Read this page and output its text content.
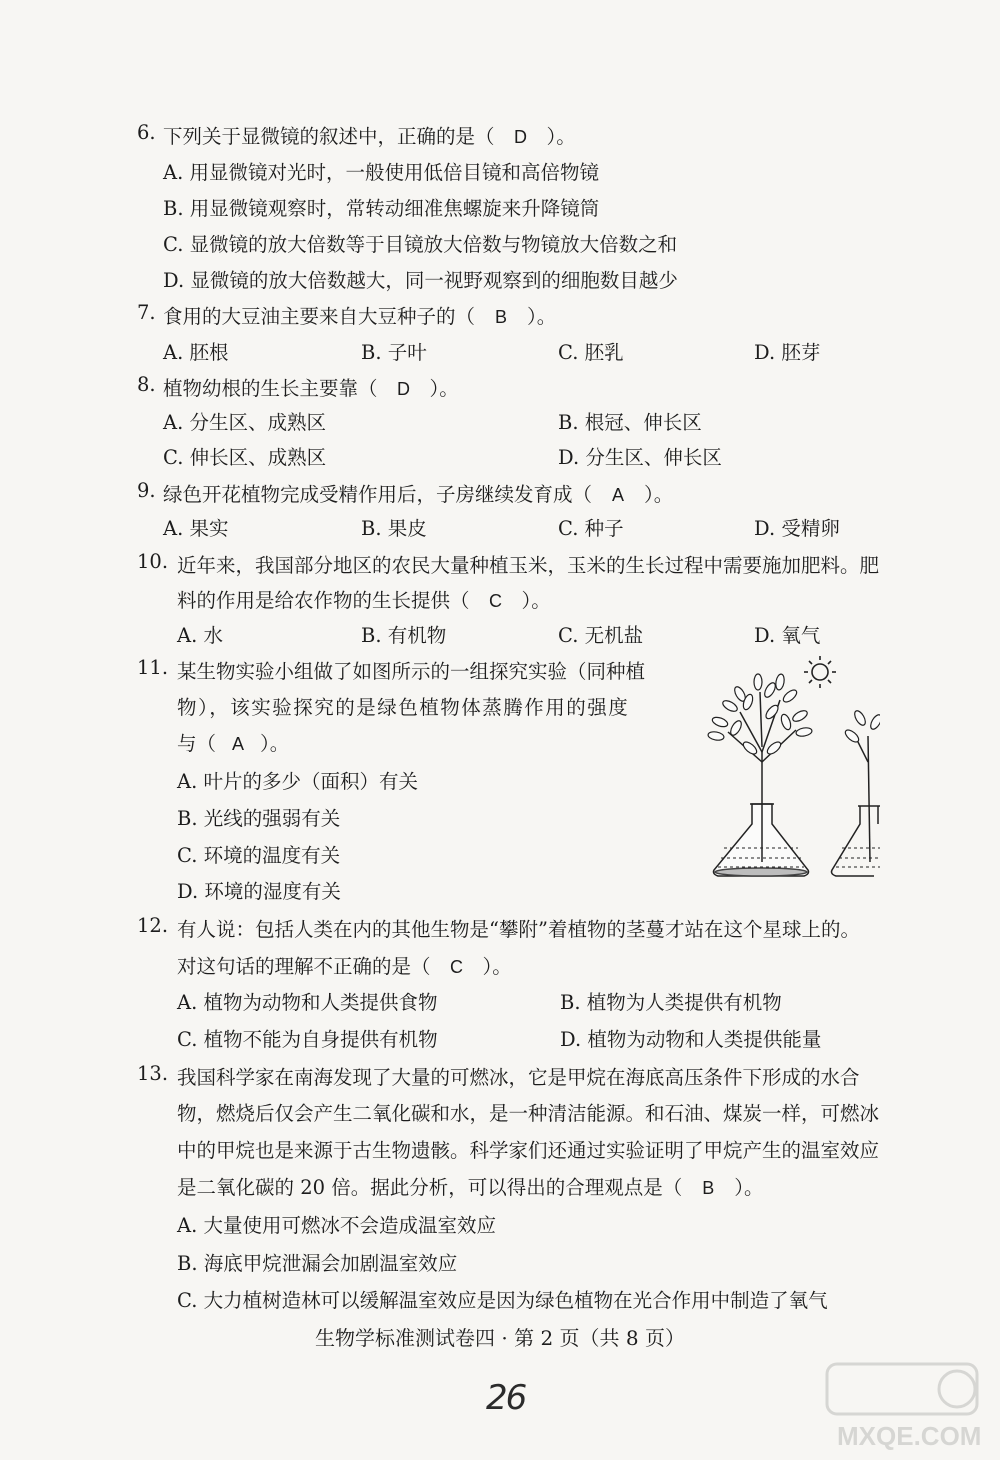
6. 下列关于显微镜的叙述中，正确的是（ D ）。
A. 用显微镜对光时，一般使用低倍目镜和高倍物镜
B. 用显微镜观察时，常转动细准焦螺旋来升降镜筒
C. 显微镜的放大倍数等于目镜放大倍数与物镜放大倍数之和
D. 显微镜的放大倍数越大，同一视野观察到的细胞数目越少
7. 食用的大豆油主要来自大豆种子的（ B ）。
A. 胚根	B. 子叶	C. 胚乳	D. 胚芽
8. 植物幼根的生长主要靠（ D ）。
A. 分生区、成熟区	B. 根冠、伸长区
C. 伸长区、成熟区	D. 分生区、伸长区
9. 绿色开花植物完成受精作用后，子房继续发育成（ A ）。
A. 果实	B. 果皮	C. 种子	D. 受精卵
10. 近年来，我国部分地区的农民大量种植玉米，玉米的生长过程中需要施加肥料。肥
料的作用是给农作物的生长提供（ C ）。
A. 水	B. 有机物	C. 无机盐	D. 氧气
11. 某生物实验小组做了如图所示的一组探究实验（同种植
物），该实验探究的是绿色植物体蒸腾作用的强度
与（ A ）。
A. 叶片的多少（面积）有关
B. 光线的强弱有关
C. 环境的温度有关
D. 环境的湿度有关
12. 有人说：包括人类在内的其他生物是“攀附”着植物的茎蔓才站在这个星球上的。
对这句话的理解不正确的是（ C ）。
A. 植物为动物和人类提供食物	B. 植物为人类提供有机物
C. 植物不能为自身提供有机物	D. 植物为动物和人类提供能量
13. 我国科学家在南海发现了大量的可燃冰，它是甲烷在海底高压条件下形成的水合
物，燃烧后仅会产生二氧化碳和水，是一种清洁能源。和石油、煤炭一样，可燃冰
中的甲烷也是来源于古生物遗骸。科学家们还通过实验证明了甲烷产生的温室效应
是二氧化碳的 20 倍。据此分析，可以得出的合理观点是（ B ）。
A. 大量使用可燃冰不会造成温室效应
B. 海底甲烷泄漏会加剧温室效应
C. 大力植树造林可以缓解温室效应是因为绿色植物在光合作用中制造了氧气
生物学标准测试卷四 · 第 2 页（共 8 页）
26
MXQE.COM
